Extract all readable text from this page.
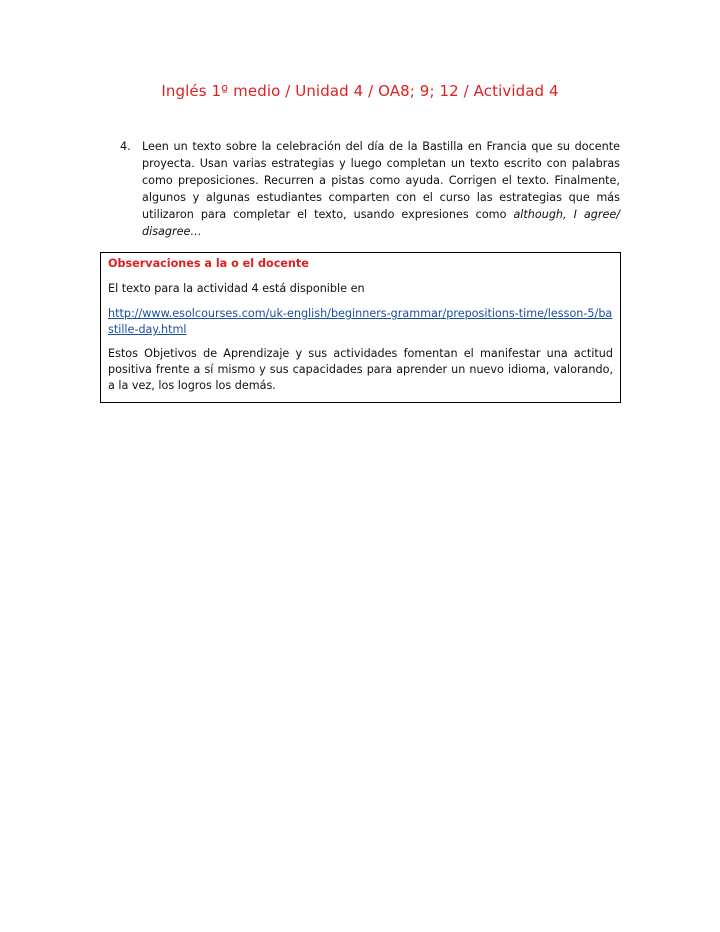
Inglés 1º medio / Unidad 4 / OA8; 9; 12 / Actividad 4
4.	Leen un texto sobre la celebración del día de la Bastilla en Francia que su docente proyecta. Usan varias estrategias y luego completan un texto escrito con palabras como preposiciones. Recurren a pistas como ayuda. Corrigen el texto. Finalmente, algunos y algunas estudiantes comparten con el curso las estrategias que más utilizaron para completar el texto, usando expresiones como although, I agree/ disagree…

Observaciones a la o el docente

El texto para la actividad 4 está disponible en

http://www.esolcourses.com/uk-english/beginners-grammar/prepositions-time/lesson-5/bastille-day.html

Estos Objetivos de Aprendizaje y sus actividades fomentan el manifestar una actitud positiva frente a sí mismo y sus capacidades para aprender un nuevo idioma, valorando, a la vez, los logros los demás.
